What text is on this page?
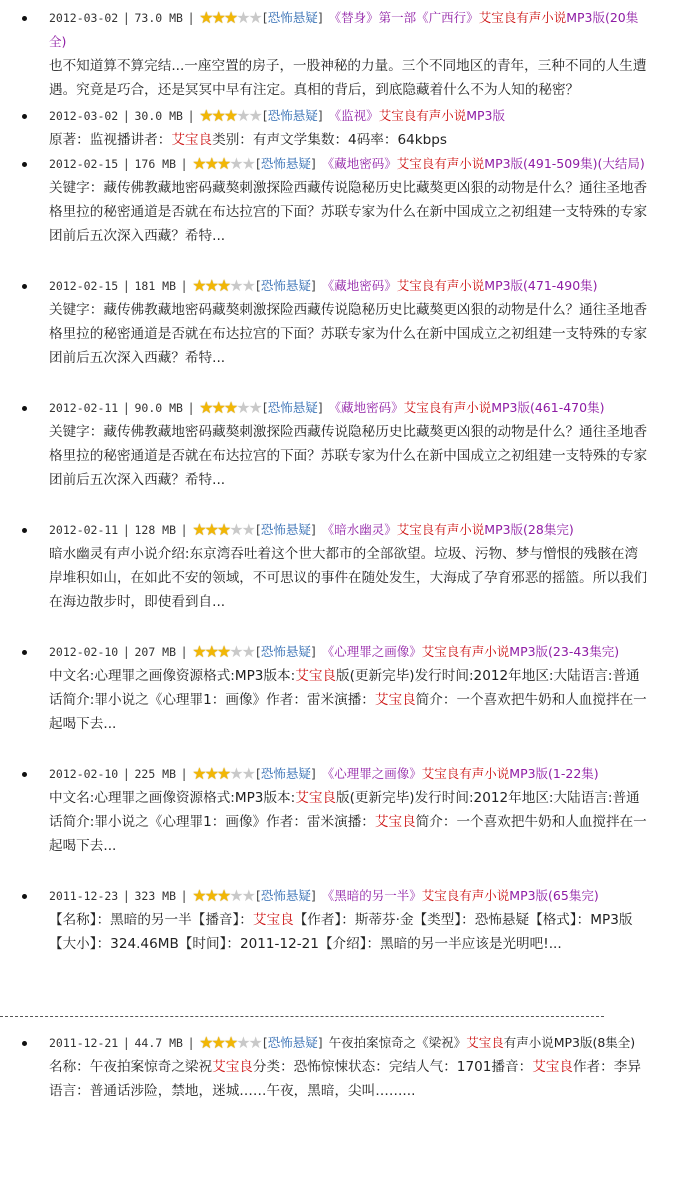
2012-03-02 | 73.0 MB | ★★★★★ [恐怖悬疑] 《替身》第一部《广西行》艾宝良有声小说MP3版(20集全)
也不知道算不算完结...一座空置的房子，一股神秘的力量。三个不同地区的青年，三种不同的人生遭遇。究竟是巧合，还是冥冥中早有注定。真相的背后，到底隐藏着什么不为人知的秘密？
2012-03-02 | 30.0 MB | ★★★★★ [恐怖悬疑] 《监视》艾宝良有声小说MP3版
原著：监视播讲者：艾宝良类别：有声文学集数：4码率：64kbps
2012-02-15 | 176 MB | ★★★★★ [恐怖悬疑] 《藏地密码》艾宝良有声小说MP3版(491-509集)(大结局)
关键字：藏传佛教藏地密码藏獒刺激探险西藏传说隐秘历史比藏獒更凶狠的动物是什么？通往圣地香格里拉的秘密通道是否就在布达拉宫的下面？苏联专家为什么在新中国成立之初组建一支特殊的专家团前后五次深入西藏？希特...
2012-02-15 | 181 MB | ★★★★★ [恐怖悬疑] 《藏地密码》艾宝良有声小说MP3版(471-490集)
关键字：藏传佛教藏地密码藏獒刺激探险西藏传说隐秘历史比藏獒更凶狠的动物是什么？通往圣地香格里拉的秘密通道是否就在布达拉宫的下面？苏联专家为什么在新中国成立之初组建一支特殊的专家团前后五次深入西藏？希特...
2012-02-11 | 90.0 MB | ★★★★★ [恐怖悬疑] 《藏地密码》艾宝良有声小说MP3版(461-470集)
关键字：藏传佛教藏地密码藏獒刺激探险西藏传说隐秘历史比藏獒更凶狠的动物是什么？通往圣地香格里拉的秘密通道是否就在布达拉宫的下面？苏联专家为什么在新中国成立之初组建一支特殊的专家团前后五次深入西藏？希特...
2012-02-11 | 128 MB | ★★★★★ [恐怖悬疑] 《暗水幽灵》艾宝良有声小说MP3版(28集完)
暗水幽灵有声小说介绍:东京湾吞吐着这个世大都市的全部欲望。垃圾、污物、梦与憎恨的残骸在湾岸堆积如山，在如此不安的领域，不可思议的事件在随处发生，大海成了孕育邪恶的摇篮。所以我们在海边散步时，即使看到自...
2012-02-10 | 207 MB | ★★★★★ [恐怖悬疑] 《心理罪之画像》艾宝良有声小说MP3版(23-43集完)
中文名:心理罪之画像资源格式:MP3版本:艾宝良版(更新完毕)发行时间:2012年地区:大陆语言:普通话简介:罪小说之《心理罪1：画像》作者：雷米演播：艾宝良简介：一个喜欢把牛奶和人血搅拌在一起喝下去...
2012-02-10 | 225 MB | ★★★★★ [恐怖悬疑] 《心理罪之画像》艾宝良有声小说MP3版(1-22集)
中文名:心理罪之画像资源格式:MP3版本:艾宝良版(更新完毕)发行时间:2012年地区:大陆语言:普通话简介:罪小说之《心理罪1：画像》作者：雷米演播：艾宝良简介：一个喜欢把牛奶和人血搅拌在一起喝下去...
2011-12-23 | 323 MB | ★★★★★ [恐怖悬疑] 《黑暗的另一半》艾宝良有声小说MP3版(65集完)
【名称】：黑暗的另一半【播音】：艾宝良【作者】：斯蒂芬·金【类型】：恐怖悬疑【格式】：MP3版【大小】：324.46MB【时间】：2011-12-21【介绍】：黑暗的另一半应该是光明吧!...
2011-12-21 | 44.7 MB | ★★★★★ [恐怖悬疑] 午夜拍案惊奇之《梁祝》艾宝良有声小说MP3版(8集全)
名称：午夜拍案惊奇之梁祝艾宝良分类：恐怖惊悚状态：完结人气：1701播音：艾宝良作者：李异语言：普通话涉险，禁地，迷城……午夜，黑暗，尖叫……...
